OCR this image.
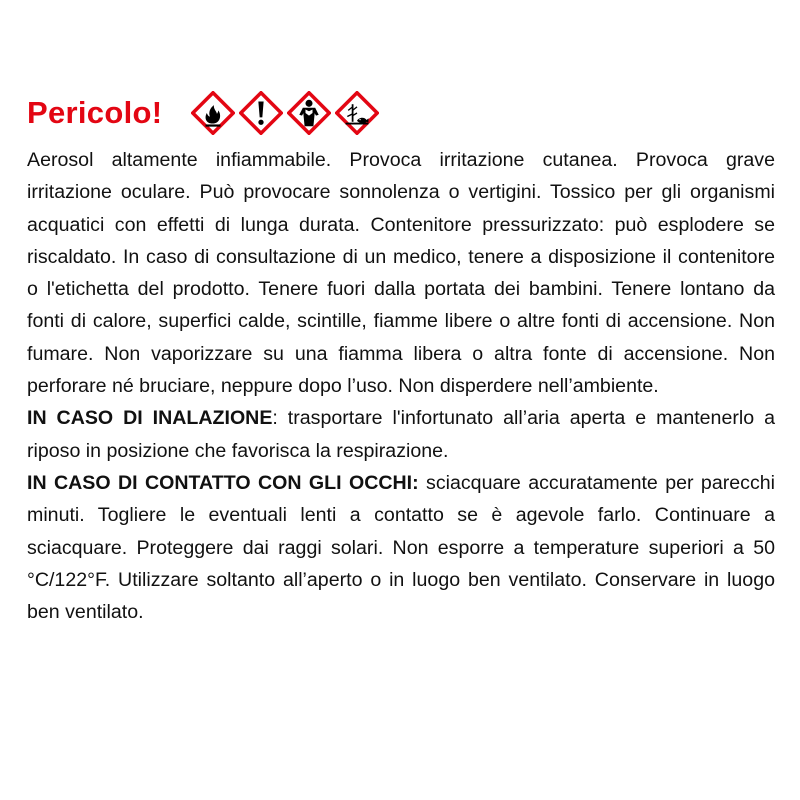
Pericolo!

Aerosol altamente infiammabile. Provoca irritazione cutanea. Provoca grave irritazione oculare. Può provocare sonnolenza o vertigini. Tossico per gli organismi acquatici con effetti di lunga durata. Contenitore pressurizzato: può esplodere se riscaldato. In caso di consultazione di un medico, tenere a disposizione il contenitore o l'etichetta del prodotto. Tenere fuori dalla portata dei bambini. Tenere lontano da fonti di calore, superfici calde, scintille, fiamme libere o altre fonti di accensione. Non fumare. Non vaporizzare su una fiamma libera o altra fonte di accensione. Non perforare né bruciare, neppure dopo l’uso. Non disperdere nell’ambiente.

IN CASO DI INALAZIONE: trasportare l'infortunato all’aria aperta e mantenerlo a riposo in posizione che favorisca la respirazione.

IN CASO DI CONTATTO CON GLI OCCHI: sciacquare accuratamente per parecchi minuti. Togliere le eventuali lenti a contatto se è agevole farlo. Continuare a sciacquare. Proteggere dai raggi solari. Non esporre a temperature superiori a 50 °C/122°F. Utilizzare soltanto all’aperto o in luogo ben ventilato. Conservare in luogo ben ventilato.
